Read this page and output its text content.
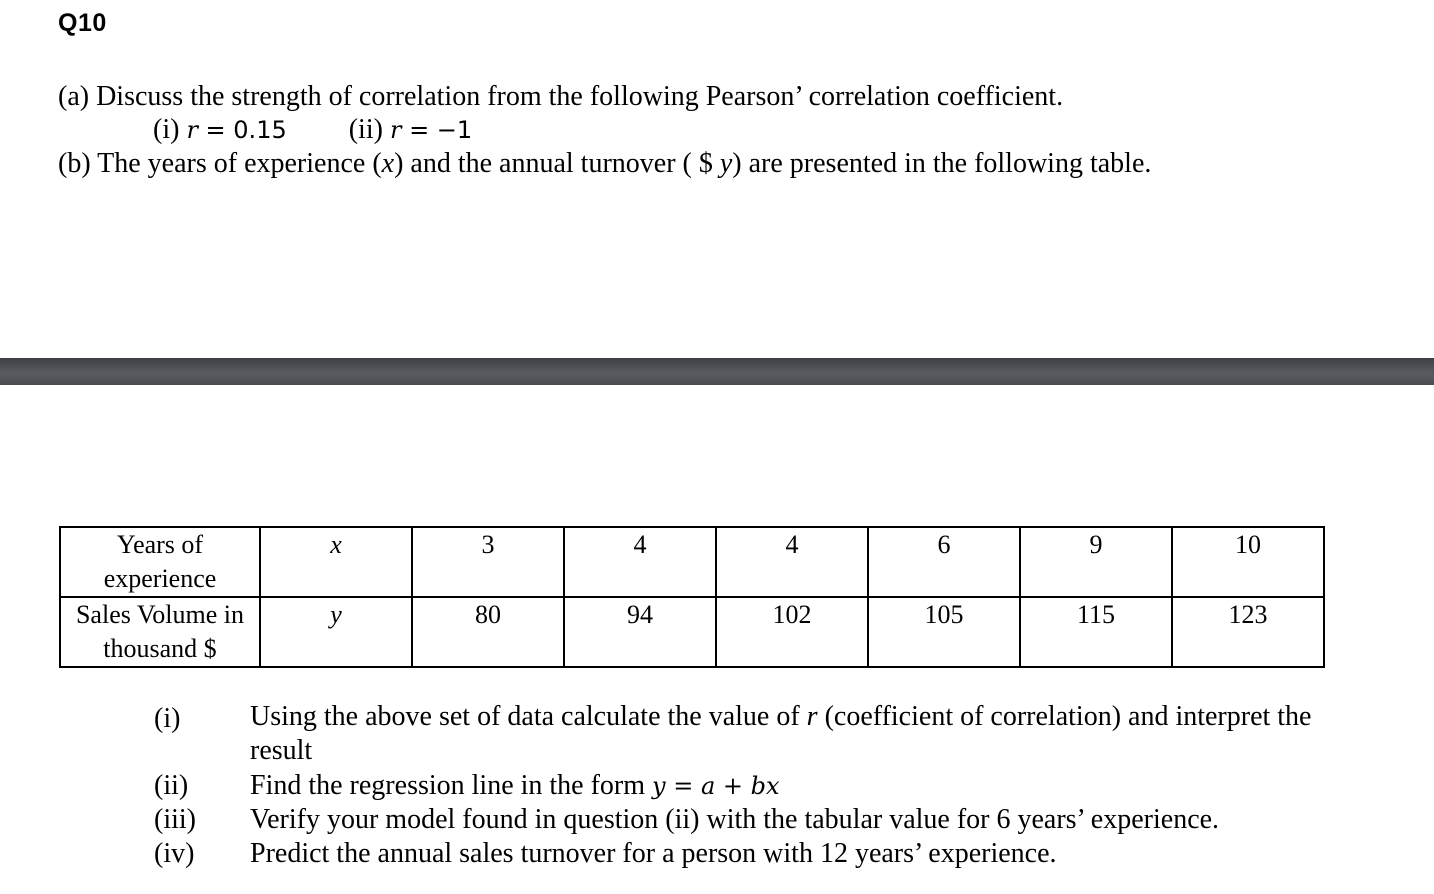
Q10
(a) Discuss the strength of correlation from the following Pearson’ correlation coefficient.
(i) r = 0.15 (ii) r = −1
(b) The years of experience (x) and the annual turnover ( $ y) are presented in the following table.
Years of experience	x	3	4	4	6	9	10
Sales Volume in thousand $	y	80	94	102	105	115	123
(i) Using the above set of data calculate the value of r (coefficient of correlation) and interpret the result
(ii) Find the regression line in the form y = a + bx
(iii) Verify your model found in question (ii) with the tabular value for 6 years’ experience.
(iv) Predict the annual sales turnover for a person with 12 years’ experience.
